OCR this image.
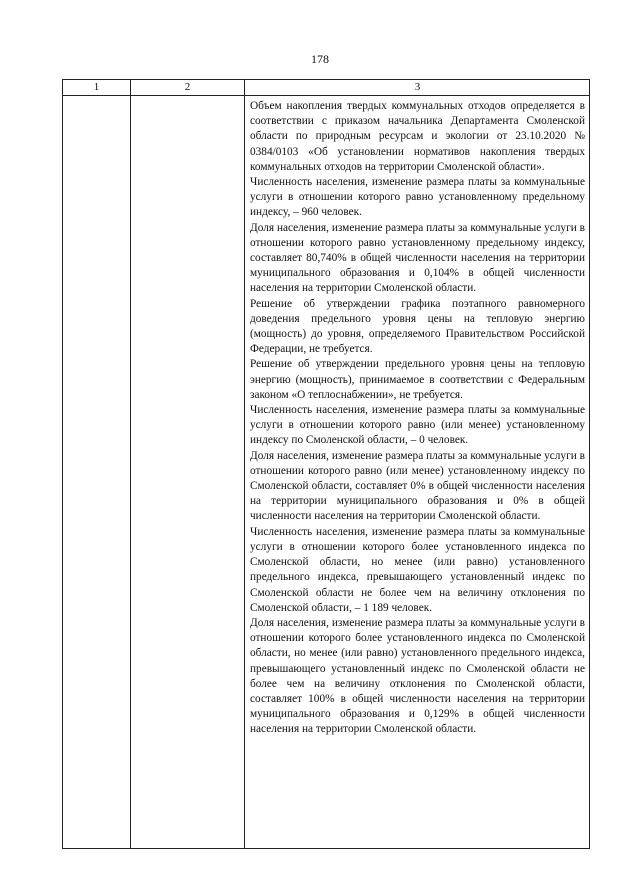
178
1	2	3

Объем накопления твердых коммунальных отходов определяется в соответствии с приказом начальника Департамента Смоленской области по природным ресурсам и экологии от 23.10.2020 № 0384/0103 «Об установлении нормативов накопления твердых коммунальных отходов на территории Смоленской области».

Численность населения, изменение размера платы за коммунальные услуги в отношении которого равно установленному предельному индексу, – 960 человек.

Доля населения, изменение размера платы за коммунальные услуги в отношении которого равно установленному предельному индексу, составляет 80,740% в общей численности населения на территории муниципального образования и 0,104% в общей численности населения на территории Смоленской области.

Решение об утверждении графика поэтапного равномерного доведения предельного уровня цены на тепловую энергию (мощность) до уровня, определяемого Правительством Российской Федерации, не требуется.

Решение об утверждении предельного уровня цены на тепловую энергию (мощность), принимаемое в соответствии с Федеральным законом «О теплоснабжении», не требуется.

Численность населения, изменение размера платы за коммунальные услуги в отношении которого равно (или менее) установленному индексу по Смоленской области, – 0 человек.

Доля населения, изменение размера платы за коммунальные услуги в отношении которого равно (или менее) установленному индексу по Смоленской области, составляет 0% в общей численности населения на территории муниципального образования и 0% в общей численности населения на территории Смоленской области.

Численность населения, изменение размера платы за коммунальные услуги в отношении которого более установленного индекса по Смоленской области, но менее (или равно) установленного предельного индекса, превышающего установленный индекс по Смоленской области не более чем на величину отклонения по Смоленской области, – 1 189 человек.

Доля населения, изменение размера платы за коммунальные услуги в отношении которого более установленного индекса по Смоленской области, но менее (или равно) установленного предельного индекса, превышающего установленный индекс по Смоленской области не более чем на величину отклонения по Смоленской области, составляет 100% в общей численности населения на территории муниципального образования и 0,129% в общей численности населения на территории Смоленской области.
